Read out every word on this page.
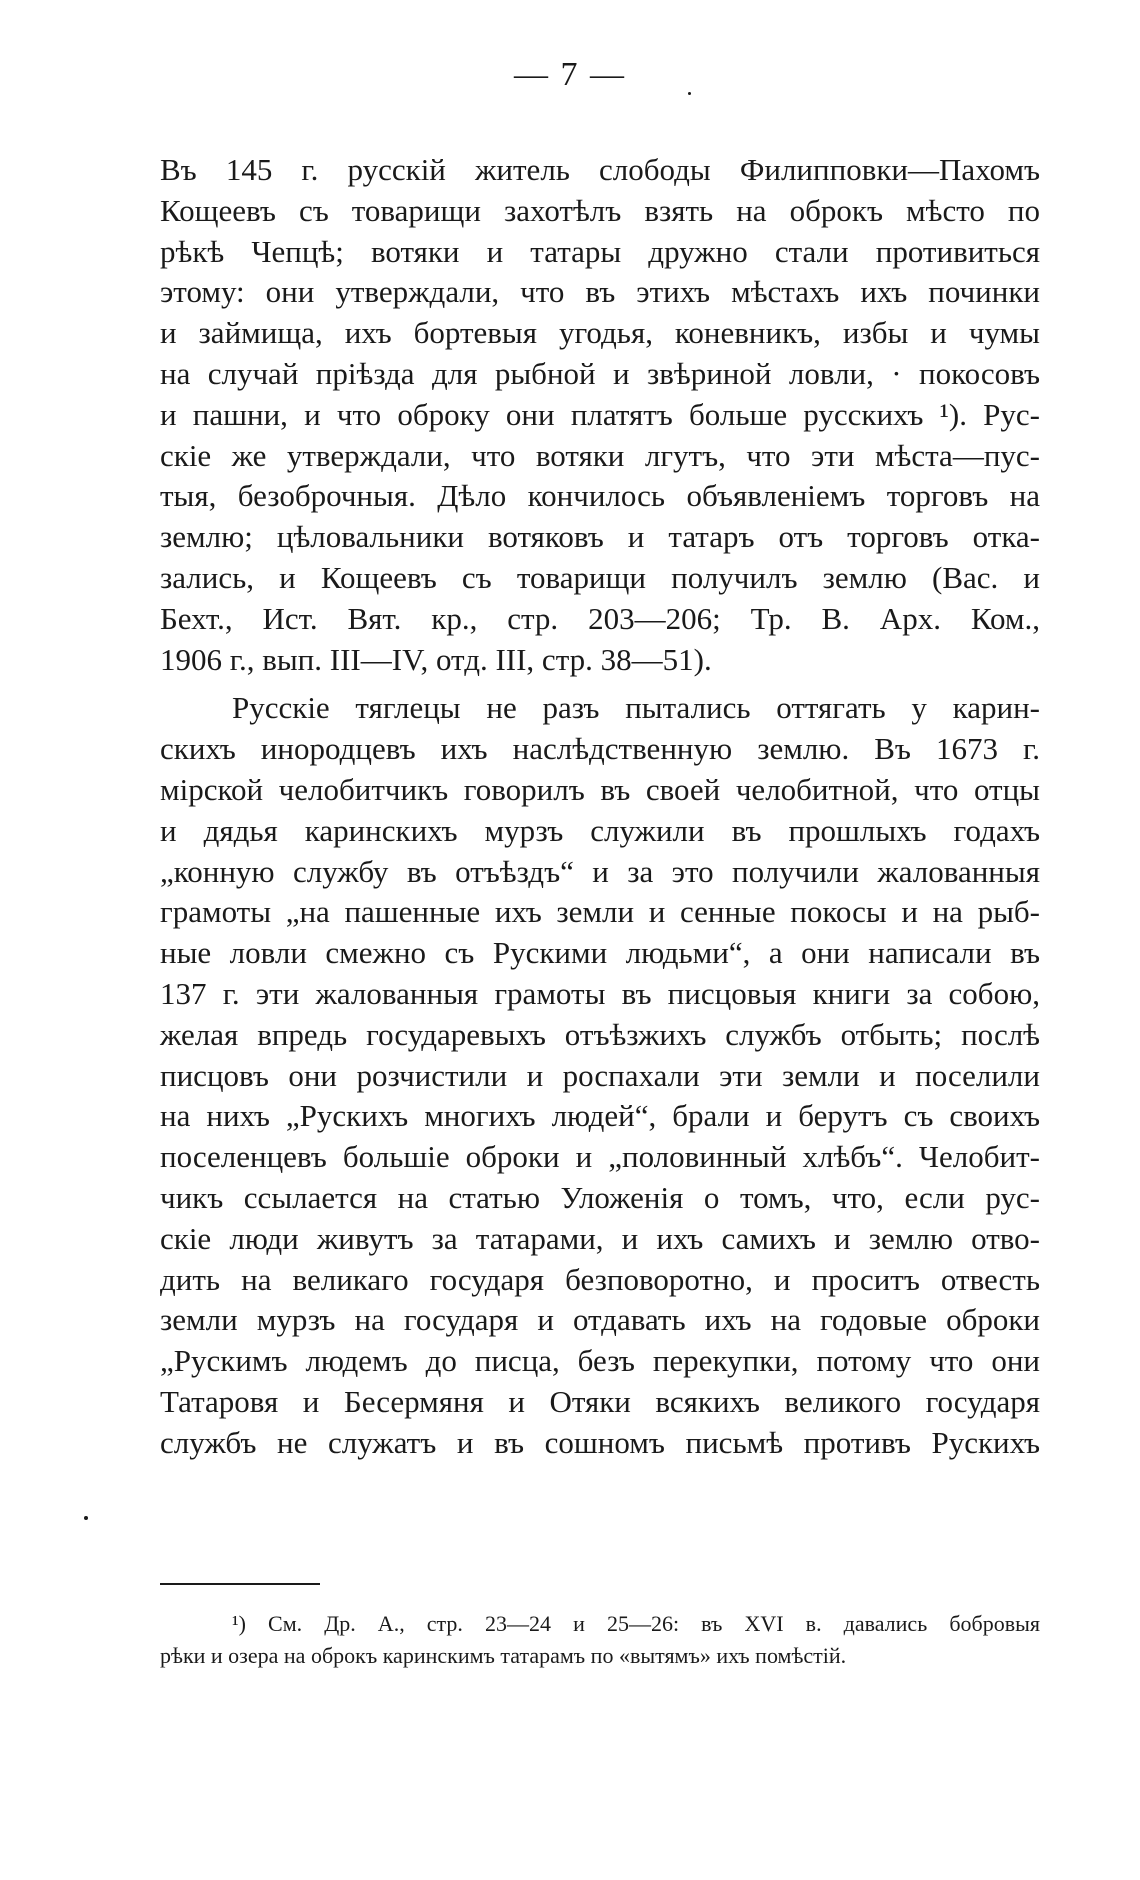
— 7 —
Въ 145 г. русскій житель слободы Филипповки—Пахомъ
Кощеевъ съ товарищи захотѣлъ взять на оброкъ мѣсто по
рѣкѣ Чепцѣ; вотяки и татары дружно стали противиться
этому: они утверждали, что въ этихъ мѣстахъ ихъ починки
и займища, ихъ бортевыя угодья, коневникъ, избы и чумы
на случай пріѣзда для рыбной и звѣриной ловли, · покосовъ
и пашни, и что оброку они платятъ больше русскихъ ¹). Рус-
скіе же утверждали, что вотяки лгутъ, что эти мѣста—пус-
тыя, безоброчныя. Дѣло кончилось объявленіемъ торговъ на
землю; цѣловальники вотяковъ и татаръ отъ торговъ отка-
зались, и Кощеевъ съ товарищи получилъ землю (Вас. и
Бехт., Ист. Вят. кр., стр. 203—206; Тр. В. Арх. Ком.,
1906 г., вып. III—IV, отд. III, стр. 38—51).
Русскіе тяглецы не разъ пытались оттягать у карин-
скихъ инородцевъ ихъ наслѣдственную землю. Въ 1673 г.
мірской челобитчикъ говорилъ въ своей челобитной, что отцы
и дядья каринскихъ мурзъ служили въ прошлыхъ годахъ
„конную службу въ отъѣздъ“ и за это получили жалованныя
грамоты „на пашенные ихъ земли и сенные покосы и на рыб-
ные ловли смежно съ Рускими людьми“, а они написали въ
137 г. эти жалованныя грамоты въ писцовыя книги за собою,
желая впредь государевыхъ отъѣзжихъ службъ отбыть; послѣ
писцовъ они розчистили и роспахали эти земли и поселили
на нихъ „Рускихъ многихъ людей“, брали и берутъ съ своихъ
поселенцевъ большіе оброки и „половинный хлѣбъ“. Челобит-
чикъ ссылается на статью Уложенія о томъ, что, если рус-
скіе люди живутъ за татарами, и ихъ самихъ и землю отво-
дить на великаго государя безповоротно, и проситъ отвесть
земли мурзъ на государя и отдавать ихъ на годовые оброки
„Рускимъ людемъ до писца, безъ перекупки, потому что они
Татаровя и Бесермяня и Отяки всякихъ великого государя
службъ не служатъ и въ сошномъ письмѣ противъ Рускихъ
¹) См. Др. А., стр. 23—24 и 25—26: въ XVI в. давались бобровыя
рѣки и озера на оброкъ каринскимъ татарамъ по «вытямъ» ихъ помѣстій.
